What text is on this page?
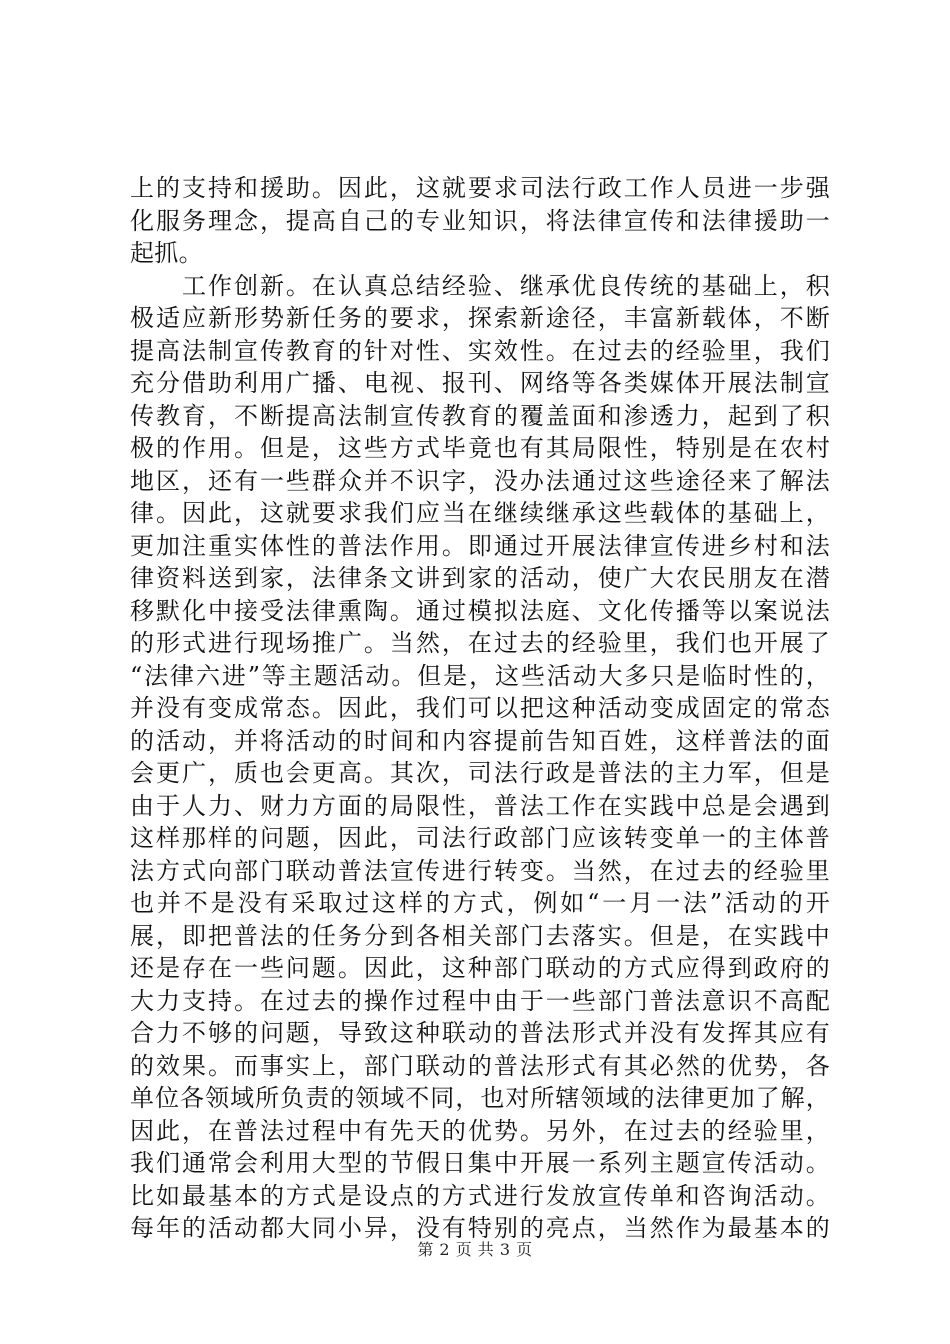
上的支持和援助。因此，这就要求司法行政工作人员进一步强
化服务理念，提高自己的专业知识，将法律宣传和法律援助一
起抓。
　　工作创新。在认真总结经验、继承优良传统的基础上，积
极适应新形势新任务的要求，探索新途径，丰富新载体，不断
提高法制宣传教育的针对性、实效性。在过去的经验里，我们
充分借助利用广播、电视、报刊、网络等各类媒体开展法制宣
传教育，不断提高法制宣传教育的覆盖面和渗透力，起到了积
极的作用。但是，这些方式毕竟也有其局限性，特别是在农村
地区，还有一些群众并不识字，没办法通过这些途径来了解法
律。因此，这就要求我们应当在继续继承这些载体的基础上，
更加注重实体性的普法作用。即通过开展法律宣传进乡村和法
律资料送到家，法律条文讲到家的活动，使广大农民朋友在潜
移默化中接受法律熏陶。通过模拟法庭、文化传播等以案说法
的形式进行现场推广。当然，在过去的经验里，我们也开展了
“法律六进”等主题活动。但是，这些活动大多只是临时性的，
并没有变成常态。因此，我们可以把这种活动变成固定的常态
的活动，并将活动的时间和内容提前告知百姓，这样普法的面
会更广，质也会更高。其次，司法行政是普法的主力军，但是
由于人力、财力方面的局限性，普法工作在实践中总是会遇到
这样那样的问题，因此，司法行政部门应该转变单一的主体普
法方式向部门联动普法宣传进行转变。当然，在过去的经验里
也并不是没有采取过这样的方式，例如“一月一法”活动的开
展，即把普法的任务分到各相关部门去落实。但是，在实践中
还是存在一些问题。因此，这种部门联动的方式应得到政府的
大力支持。在过去的操作过程中由于一些部门普法意识不高配
合力不够的问题，导致这种联动的普法形式并没有发挥其应有
的效果。而事实上，部门联动的普法形式有其必然的优势，各
单位各领域所负责的领域不同，也对所辖领域的法律更加了解，
因此，在普法过程中有先天的优势。另外，在过去的经验里，
我们通常会利用大型的节假日集中开展一系列主题宣传活动。
比如最基本的方式是设点的方式进行发放宣传单和咨询活动。
每年的活动都大同小异，没有特别的亮点，当然作为最基本的
第 2 页 共 3 页
